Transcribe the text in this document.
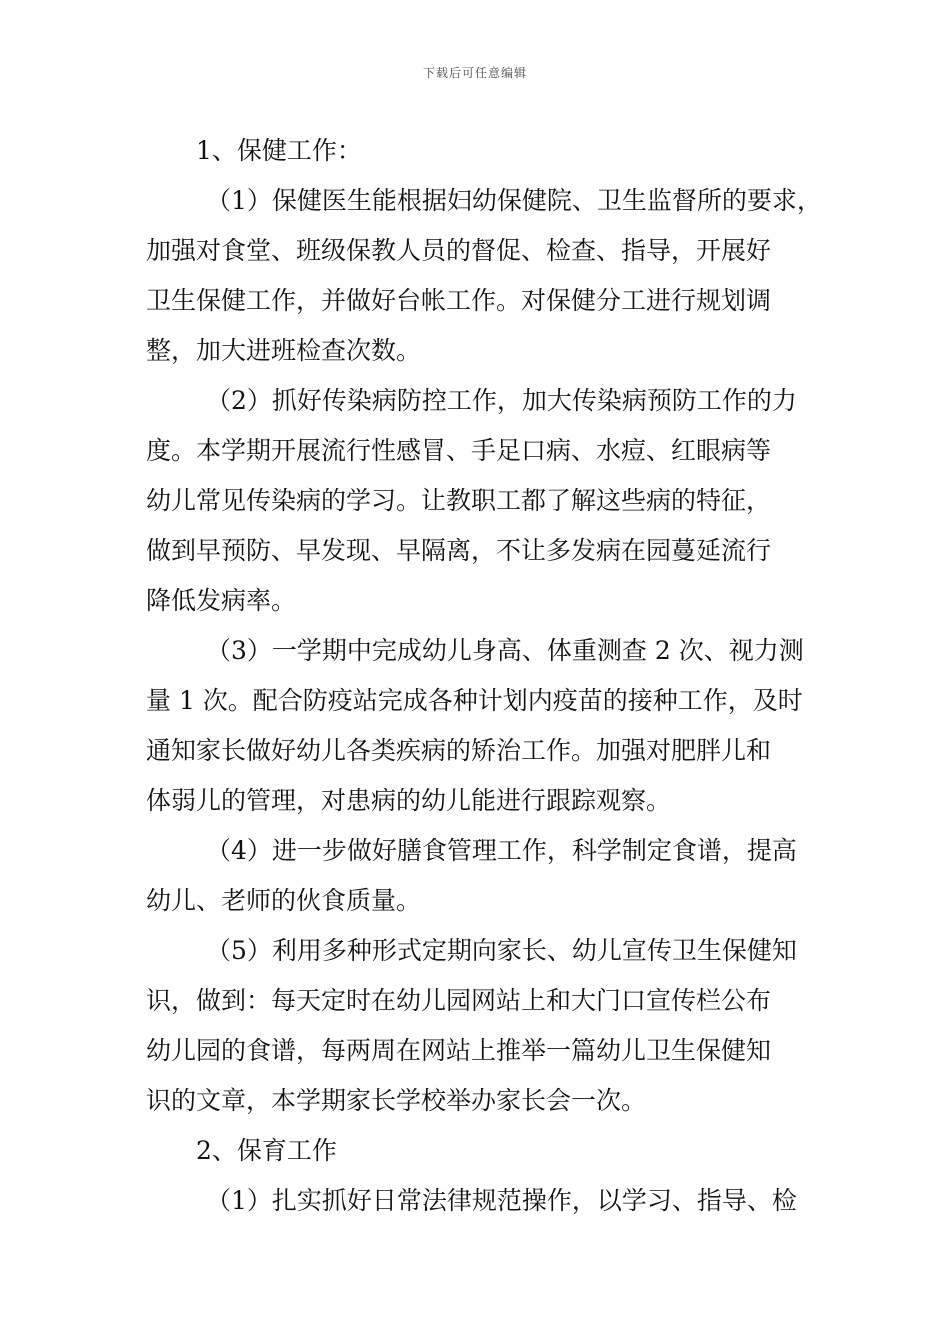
下载后可任意编辑
1、保健工作：
（1）保健医生能根据妇幼保健院、卫生监督所的要求，
加强对食堂、班级保教人员的督促、检查、指导，开展好
卫生保健工作，并做好台帐工作。对保健分工进行规划调
整，加大进班检查次数。
（2）抓好传染病防控工作，加大传染病预防工作的力
度。本学期开展流行性感冒、手足口病、水痘、红眼病等
幼儿常见传染病的学习。让教职工都了解这些病的特征，
做到早预防、早发现、早隔离，不让多发病在园蔓延流行
降低发病率。
（3）一学期中完成幼儿身高、体重测查 2 次、视力测
量 1 次。配合防疫站完成各种计划内疫苗的接种工作，及时
通知家长做好幼儿各类疾病的矫治工作。加强对肥胖儿和
体弱儿的管理，对患病的幼儿能进行跟踪观察。
（4）进一步做好膳食管理工作，科学制定食谱，提高
幼儿、老师的伙食质量。
（5）利用多种形式定期向家长、幼儿宣传卫生保健知
识，做到：每天定时在幼儿园网站上和大门口宣传栏公布
幼儿园的食谱，每两周在网站上推举一篇幼儿卫生保健知
识的文章，本学期家长学校举办家长会一次。
2、保育工作
（1）扎实抓好日常法律规范操作，以学习、指导、检
